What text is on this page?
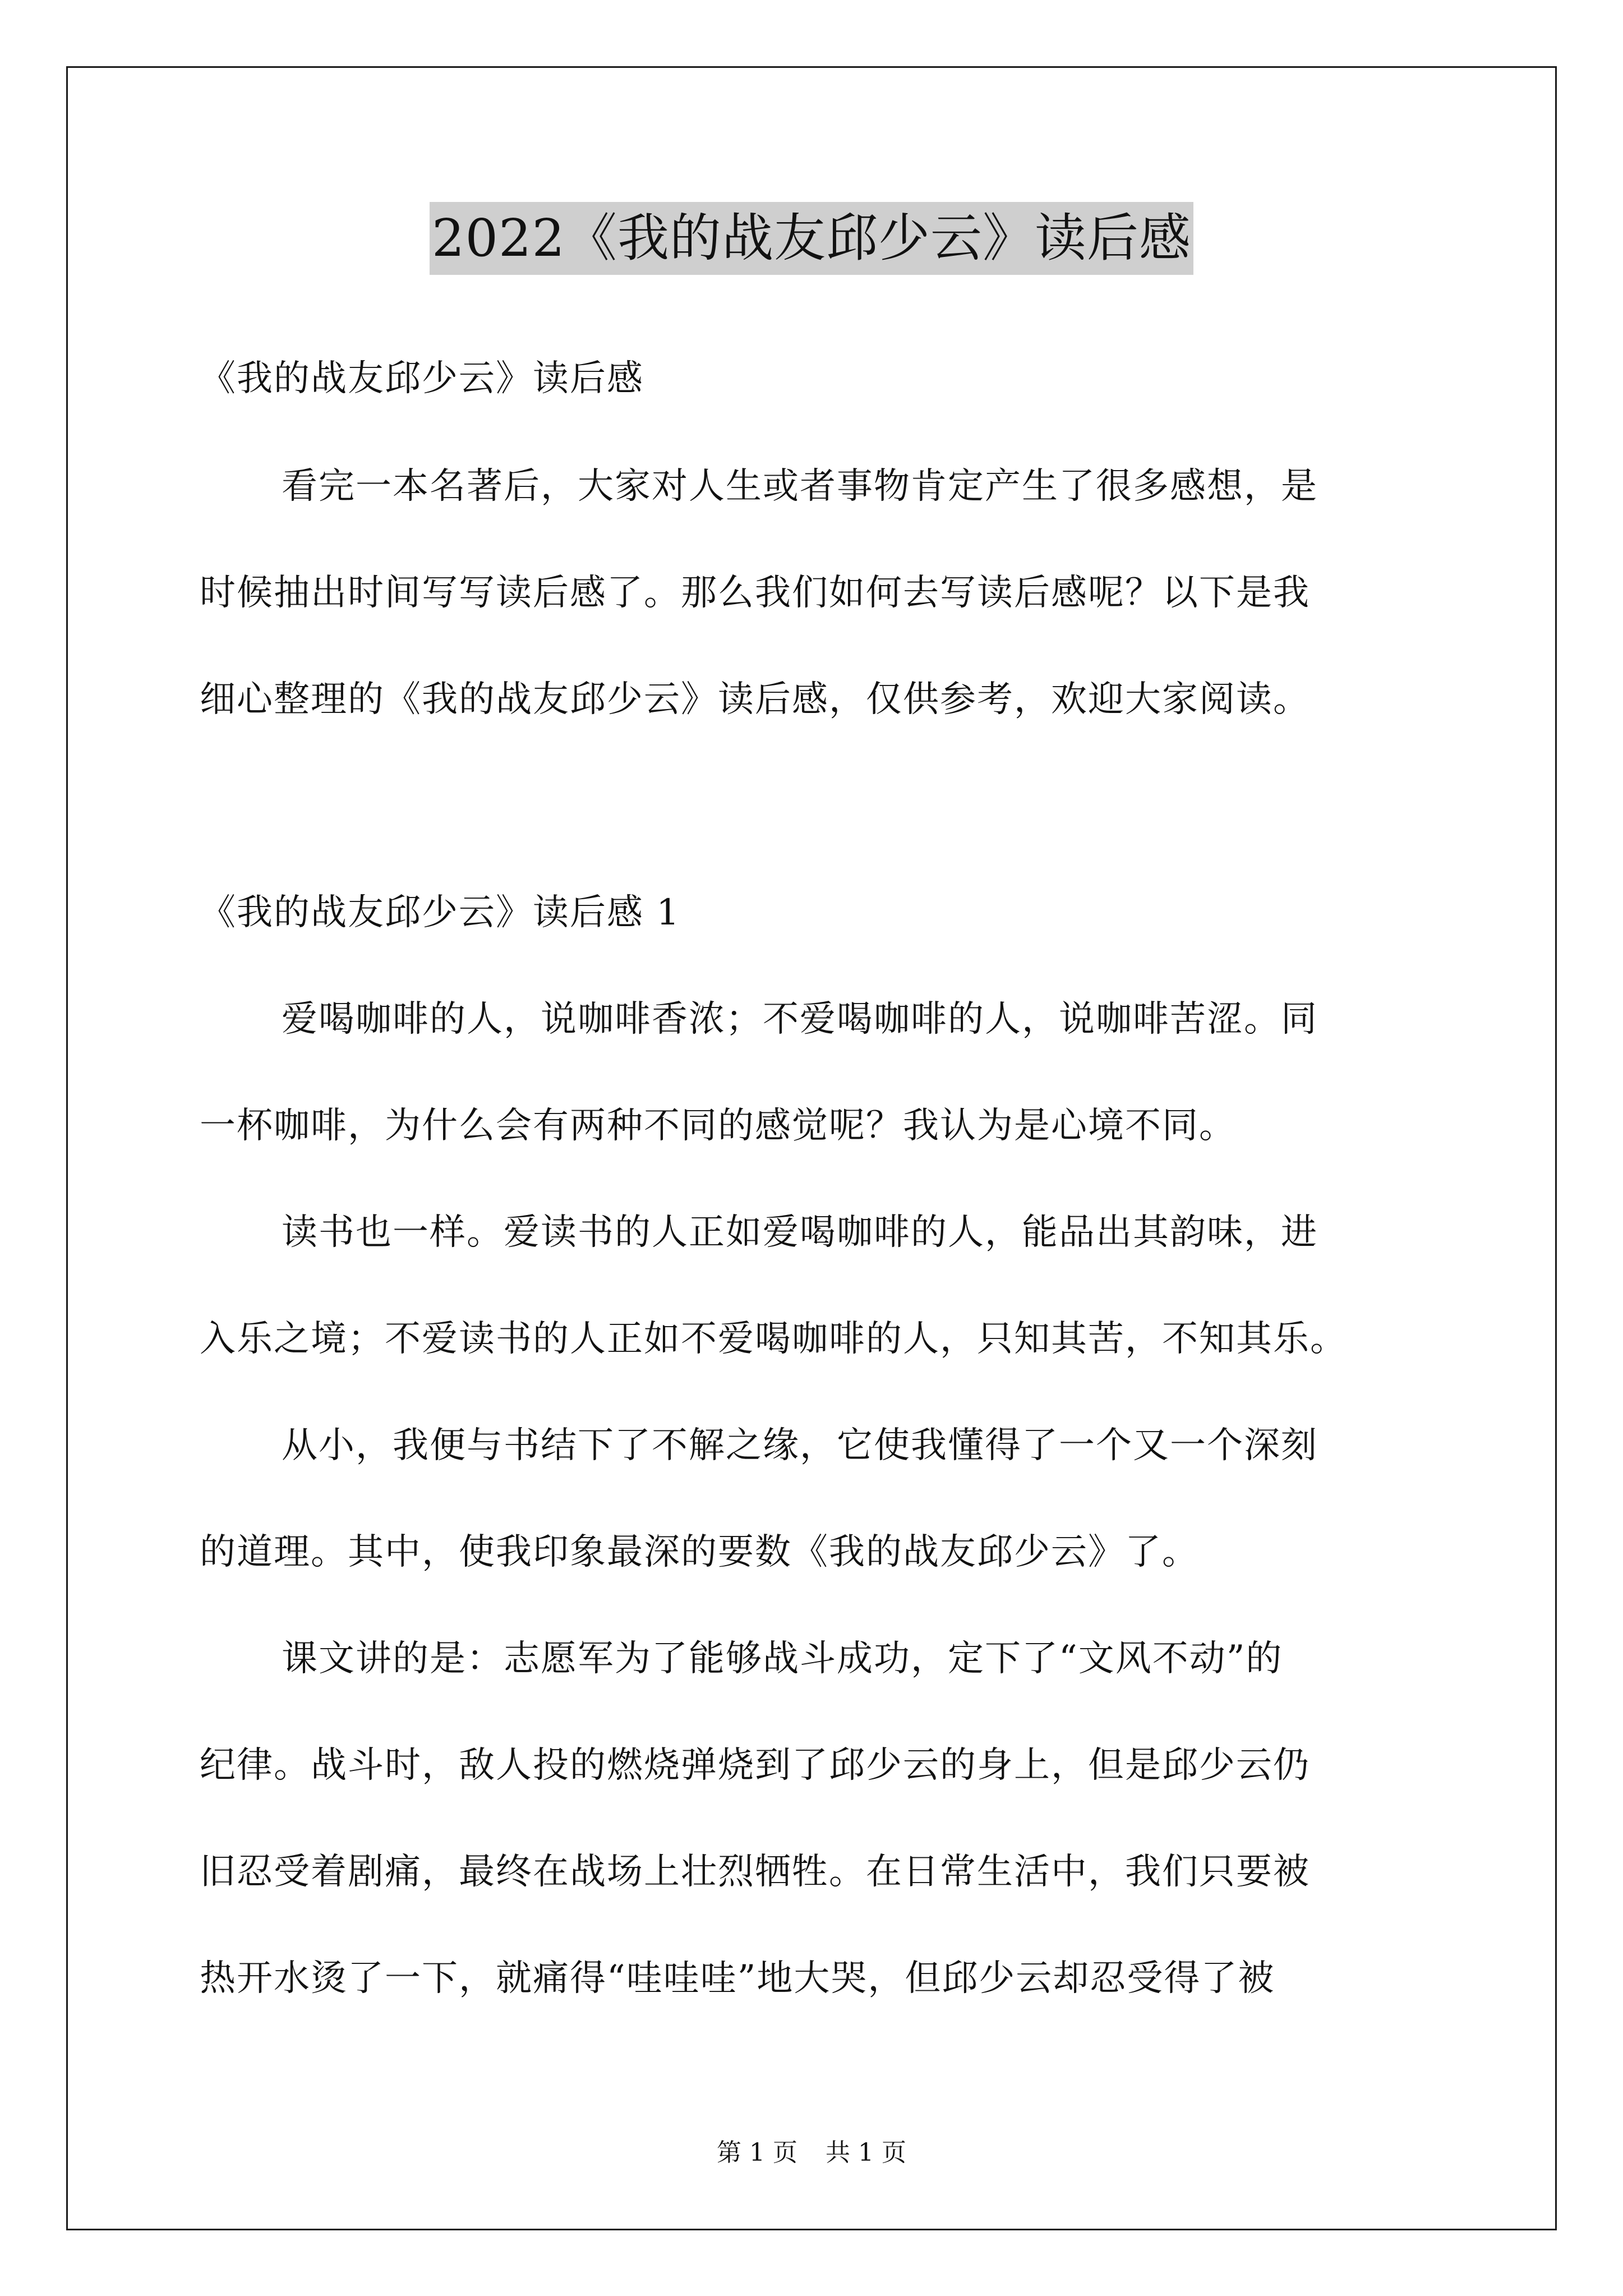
2022《我的战友邱少云》读后感
《我的战友邱少云》读后感
看完一本名著后，大家对人生或者事物肯定产生了很多感想，是
时候抽出时间写写读后感了。那么我们如何去写读后感呢？以下是我
细心整理的《我的战友邱少云》读后感，仅供参考，欢迎大家阅读。
《我的战友邱少云》读后感 1
爱喝咖啡的人，说咖啡香浓；不爱喝咖啡的人，说咖啡苦涩。同
一杯咖啡，为什么会有两种不同的感觉呢？我认为是心境不同。
读书也一样。爱读书的人正如爱喝咖啡的人，能品出其韵味，进
入乐之境；不爱读书的人正如不爱喝咖啡的人，只知其苦，不知其乐。
从小，我便与书结下了不解之缘，它使我懂得了一个又一个深刻
的道理。其中，使我印象最深的要数《我的战友邱少云》了。
课文讲的是：志愿军为了能够战斗成功，定下了“文风不动”的
纪律。战斗时，敌人投的燃烧弹烧到了邱少云的身上，但是邱少云仍
旧忍受着剧痛，最终在战场上壮烈牺牲。在日常生活中，我们只要被
热开水烫了一下，就痛得“哇哇哇”地大哭，但邱少云却忍受得了被
第 1 页 共 1 页
